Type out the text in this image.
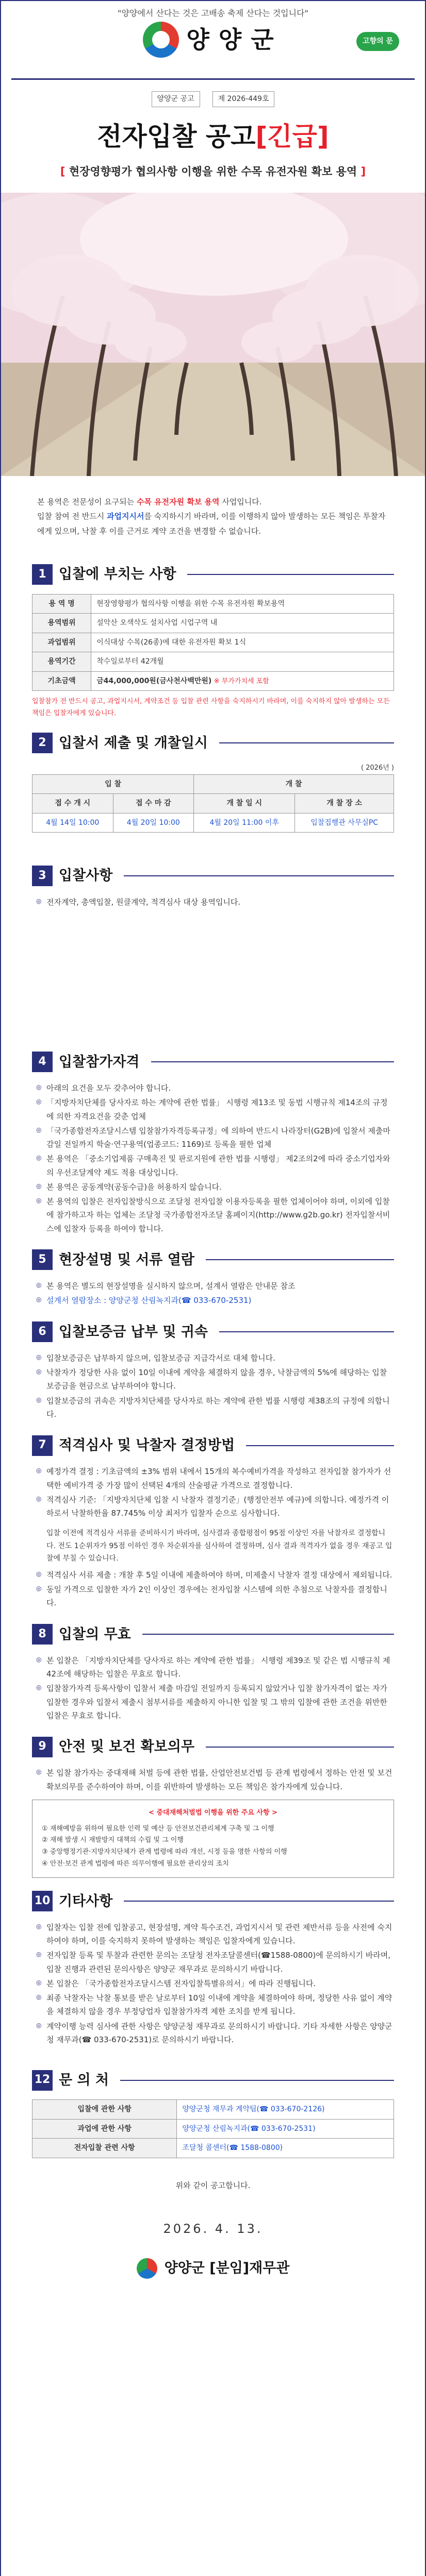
"양양에서 산다는 것은 고배송 축제 산다는 것입니다"
양양군	고향의 문
양양군 공고	제 2026-449호
전자입찰 공고[긴급]
[ 현장영향평가 협의사항 이행을 위한 수목 유전자원 확보 용역 ]

본 용역은 전문성이 요구되는 수목 유전자원 확보 용역 사업입니다.

입찰 참여 전 반드시 과업지시서를 숙지하시기 바라며, 이를 이행하지 않아 발생하는 모든 책임은 투찰자에게 있으며, 낙찰 후 이를 근거로 계약 조건을 변경할 수 없습니다.

1 입찰에 부치는 사항
용 역 명	현장영향평가 협의사항 이행을 위한 수목 유전자원 확보용역
용역범위	설악산 오색삭도 설치사업 시업구역 내
과업범위	이식대상 수목(26종)에 대한 유전자원 확보 1식
용역기간	착수일로부터 42개월
기초금액	금44,000,000원(금사천사백만원) ※ 부가가치세 포함

입찰참가 전 반드시 공고, 과업지시서, 계약조건 등 입찰 관련 사항을 숙지하시기 바라며, 이를 숙지하지 않아 발생하는 모든 책임은 입찰자에게 있습니다.

2 입찰서 제출 및 개찰일시
( 2026년 )
입 찰		개 찰	
접 수 개 시	접 수 마 감	개 찰 일 시	개 찰 장 소
4월 14일 10:00	4월 20일 10:00	4월 20일 11:00 이후	입찰집행관 사무실PC
3 입찰사항
◎ 전자계약, 총액입찰, 원클계약, 적격심사 대상 용역입니다.
4 입찰참가자격
◎ 아래의 요건을 모두 갖추어야 합니다.
◎ 「지방자치단체를 당사자로 하는 계약에 관한 법률」 시행령 제13조 및 동법 시행규칙 제14조의 규정에 의한 자격요건을 갖춘 업체
◎ 「국가종합전자조달시스템 입찰참가자격등록규정」에 의하여 반드시 나라장터(G2B)에 입찰서 제출마감일 전일까지 학술·연구용역(업종코드: 1169)로 등록을 필한 업체
◎ 본 용역은 「중소기업제품 구매촉진 및 판로지원에 관한 법률 시행령」 제2조의2에 따라 중소기업자와의 우선조달계약 제도 적용 대상입니다.
◎ 본 용역은 공동계약(공동수급)을 허용하지 않습니다.
◎ 본 용역의 입찰은 전자입찰방식으로 조달청 전자입찰 이용자등록을 필한 업체이어야 하며, 이외에 입찰에 참가하고자 하는 업체는 조달청 국가종합전자조달 홈페이지(http://www.g2b.go.kr) 전자입찰서비스에 입찰자 등록을 하여야 합니다.
5 현장설명 및 서류 열람
◎ 본 용역은 별도의 현장설명을 실시하지 않으며, 설계서 열람은 안내문 참조
◎ 설계서 열람장소 : 양양군청 산림녹지과(☎ 033-670-2531)
6 입찰보증금 납부 및 귀속
◎ 입찰보증금은 납부하지 않으며, 입찰보증금 지급각서로 대체 합니다.
◎ 낙찰자가 정당한 사유 없이 10일 이내에 계약을 체결하지 않을 경우, 낙찰금액의 5%에 해당하는 입찰보증금을 현금으로 납부하여야 합니다.
◎ 입찰보증금의 귀속은 지방자치단체를 당사자로 하는 계약에 관한 법률 시행령 제38조의 규정에 의합니다.
7 적격심사 및 낙찰자 결정방법
◎ 예정가격 결정 : 기초금액의 ±3% 범위 내에서 15개의 복수예비가격을 작성하고 전자입찰 참가자가 선택한 예비가격 중 가장 많이 선택된 4개의 산술평균 가격으로 결정합니다.
◎ 적격심사 기준: 「지방자치단체 입찰 시 낙찰자 결정기준」(행정안전부 예규)에 의합니다. 예정가격 이하로서 낙찰하한율 87.745% 이상 최저가 입찰자 순으로 심사합니다.

입찰 이전에 적격심사 서류를 준비하시기 바라며, 심사결과 종합평점이 95점 이상인 자를 낙찰자로 결정합니다. 전도 1순위자가 95점 이하인 경우 차순위자를 심사하여 결정하며, 심사 결과 적격자가 없을 경우 재공고 입찰에 부칠 수 있습니다.

◎ 적격심사 서류 제출 : 개찰 후 5일 이내에 제출하여야 하며, 미제출시 낙찰자 결정 대상에서 제외됩니다.
◎ 동일 가격으로 입찰한 자가 2인 이상인 경우에는 전자입찰 시스템에 의한 추첨으로 낙찰자를 결정합니다.
8 입찰의 무효
◎ 본 입찰은 「지방자치단체를 당사자로 하는 계약에 관한 법률」 시행령 제39조 및 같은 법 시행규칙 제42조에 해당하는 입찰은 무효로 합니다.
◎ 입찰참가자격 등록사항이 입찰서 제출 마감일 전일까지 등록되지 않았거나 입찰 참가자격이 없는 자가 입찰한 경우와 입찰서 제출시 첨부서류를 제출하지 아니한 입찰 및 그 밖의 입찰에 관한 조건을 위반한 입찰은 무효로 합니다.
9 안전 및 보건 확보의무
◎ 본 입찰 참가자는 중대재해 처벌 등에 관한 법률, 산업안전보건법 등 관계 법령에서 정하는 안전 및 보건 확보의무를 준수하여야 하며, 이를 위반하여 발생하는 모든 책임은 참가자에게 있습니다.
< 중대재해처벌법 이행을 위한 주요 사항 >
① 재해예방을 위하여 필요한 인력 및 예산 등 안전보건관리체계 구축 및 그 이행
② 재해 발생 시 재발방지 대책의 수립 및 그 이행
③ 중앙행정기관·지방자치단체가 관계 법령에 따라 개선, 시정 등을 명한 사항의 이행
④ 안전·보건 관계 법령에 따른 의무이행에 필요한 관리상의 조치
10 기타사항
◎ 입찰자는 입찰 전에 입찰공고, 현장설명, 계약 특수조건, 과업지시서 및 관련 제반서류 등을 사전에 숙지하여야 하며, 이를 숙지하지 못하여 발생하는 책임은 입찰자에게 있습니다.
◎ 전자입찰 등록 및 투찰과 관련한 문의는 조달청 전자조달콜센터(☎1588-0800)에 문의하시기 바라며, 입찰 진행과 관련된 문의사항은 양양군 재무과로 문의하시기 바랍니다.
◎ 본 입찰은 「국가종합전자조달시스템 전자입찰특별유의서」에 따라 진행됩니다.
◎ 최종 낙찰자는 낙찰 통보를 받은 날로부터 10일 이내에 계약을 체결하여야 하며, 정당한 사유 없이 계약을 체결하지 않을 경우 부정당업자 입찰참가자격 제한 조치를 받게 됩니다.
◎ 계약이행 능력 심사에 관한 사항은 양양군청 재무과로 문의하시기 바랍니다. 기타 자세한 사항은 양양군청 재무과(☎ 033-670-2531)로 문의하시기 바랍니다.
12 문 의 처
입찰에 관한 사항	양양군청 재무과 계약팀(☎ 033-670-2126)
과업에 관한 사항	양양군청 산림녹지과(☎ 033-670-2531)
전자입찰 관련 사항	조달청 콜센터(☎ 1588-0800)
위와 같이 공고합니다.
2026. 4. 13.
양양군 [분임]재무관
